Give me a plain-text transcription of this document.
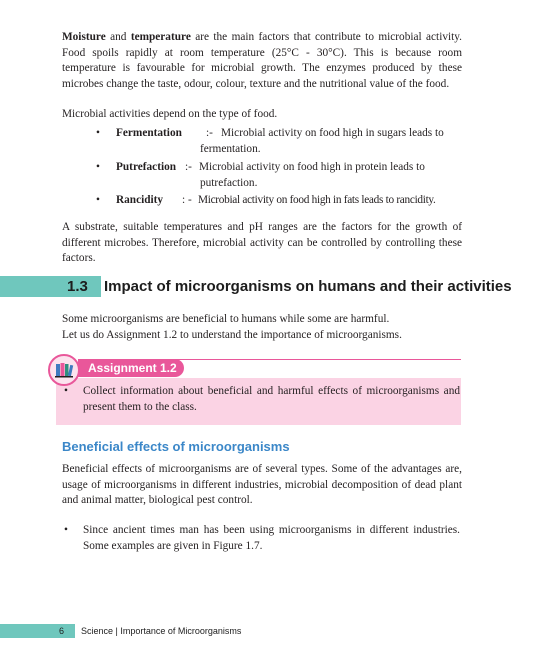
Moisture and temperature are the main factors that contribute to microbial activity. Food spoils rapidly at room temperature (25°C - 30°C). This is because room temperature is favourable for microbial growth. The enzymes produced by these microbes change the taste, odour, colour, texture and the nutritional value of the food.

Microbial activities depend on the type of food.

• Fermentation :- Microbial activity on food high in sugars leads to
fermentation.
• Putrefaction :- Microbial activity on food high in protein leads to
putrefaction.
• Rancidity : - Microbial activity on food high in fats leads to rancidity.

A substrate, suitable temperatures and pH ranges are the factors for the growth of different microbes. Therefore, microbial activity can be controlled by controlling these factors.

1.3 Impact of microorganisms on humans and their activities

Some microorganisms are beneficial to humans while some are harmful.

Let us do Assignment 1.2 to understand the importance of microorganisms.

Assignment 1.2
• Collect information about beneficial and harmful effects of microorganisms and present them to the class.
Beneficial effects of microorganisms

Beneficial effects of microorganisms are of several types. Some of the advantages are, usage of microorganisms in different industries, microbial decomposition of dead plant and animal matter, biological pest control.

• Since ancient times man has been using microorganisms in different industries. Some examples are given in Figure 1.7.
6 Science | Importance of Microorganisms
